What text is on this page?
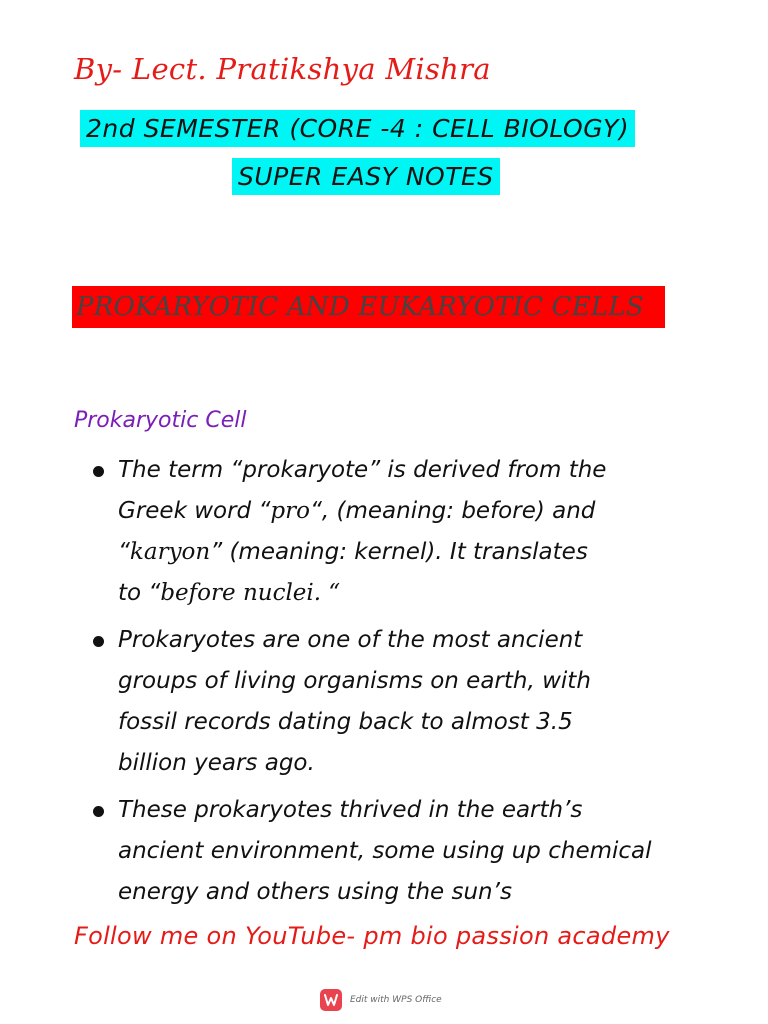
By- Lect. Pratikshya Mishra
2nd SEMESTER (CORE -4 : CELL BIOLOGY)
SUPER EASY NOTES
PROKARYOTIC AND EUKARYOTIC CELLS
Prokaryotic Cell
The term “prokaryote” is derived from the
Greek word “pro“, (meaning: before) and
“karyon” (meaning: kernel). It translates
to “before nuclei. “
Prokaryotes are one of the most ancient
groups of living organisms on earth, with
fossil records dating back to almost 3.5
billion years ago.
These prokaryotes thrived in the earth’s
ancient environment, some using up chemical
energy and others using the sun’s
Follow me on YouTube- pm bio passion academy
Edit with WPS Office
